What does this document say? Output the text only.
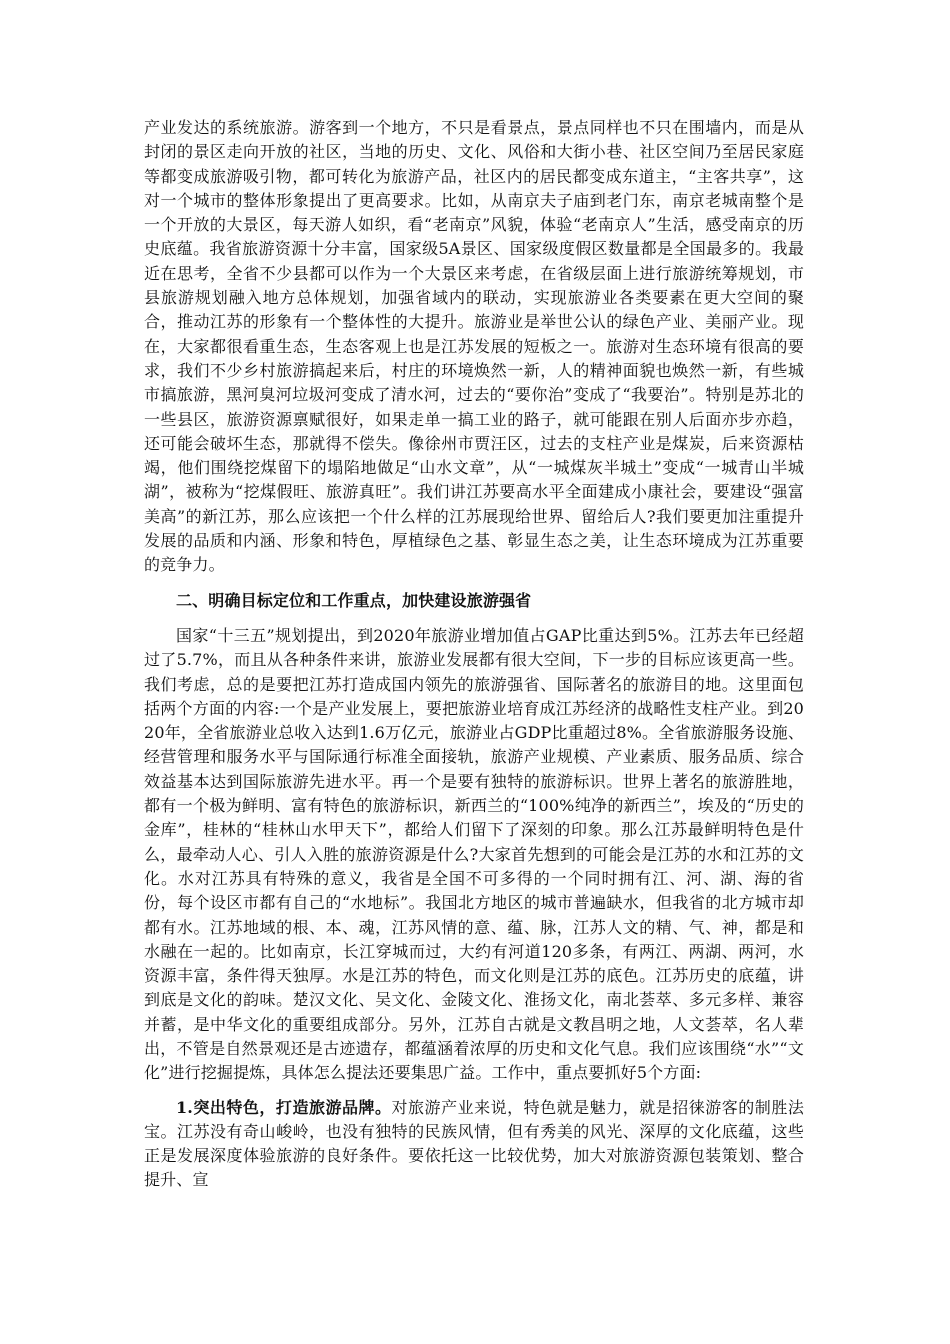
产业发达的系统旅游。游客到一个地方，不只是看景点，景点同样也不只在围墙内，而是从封闭的景区走向开放的社区，当地的历史、文化、风俗和大街小巷、社区空间乃至居民家庭等都变成旅游吸引物，都可转化为旅游产品，社区内的居民都变成东道主，“主客共享”，这对一个城市的整体形象提出了更高要求。比如，从南京夫子庙到老门东，南京老城南整个是一个开放的大景区，每天游人如织，看“老南京”风貌，体验“老南京人”生活，感受南京的历史底蕴。我省旅游资源十分丰富，国家级5A景区、国家级度假区数量都是全国最多的。我最近在思考，全省不少县都可以作为一个大景区来考虑，在省级层面上进行旅游统筹规划，市县旅游规划融入地方总体规划，加强省域内的联动，实现旅游业各类要素在更大空间的聚合，推动江苏的形象有一个整体性的大提升。旅游业是举世公认的绿色产业、美丽产业。现在，大家都很看重生态，生态客观上也是江苏发展的短板之一。旅游对生态环境有很高的要求，我们不少乡村旅游搞起来后，村庄的环境焕然一新，人的精神面貌也焕然一新，有些城市搞旅游，黑河臭河垃圾河变成了清水河，过去的“要你治”变成了“我要治”。特别是苏北的一些县区，旅游资源禀赋很好，如果走单一搞工业的路子，就可能跟在别人后面亦步亦趋，还可能会破坏生态，那就得不偿失。像徐州市贾汪区，过去的支柱产业是煤炭，后来资源枯竭，他们围绕挖煤留下的塌陷地做足“山水文章”，从“一城煤灰半城土”变成“一城青山半城湖”，被称为“挖煤假旺、旅游真旺”。我们讲江苏要高水平全面建成小康社会，要建设“强富美高”的新江苏，那么应该把一个什么样的江苏展现给世界、留给后人?我们要更加注重提升发展的品质和内涵、形象和特色，厚植绿色之基、彰显生态之美，让生态环境成为江苏重要的竞争力。

二、明确目标定位和工作重点，加快建设旅游强省

国家“十三五”规划提出，到2020年旅游业增加值占GAP比重达到5%。江苏去年已经超过了5.7%，而且从各种条件来讲，旅游业发展都有很大空间，下一步的目标应该更高一些。我们考虑，总的是要把江苏打造成国内领先的旅游强省、国际著名的旅游目的地。这里面包括两个方面的内容:一个是产业发展上，要把旅游业培育成江苏经济的战略性支柱产业。到2020年，全省旅游业总收入达到1.6万亿元，旅游业占GDP比重超过8%。全省旅游服务设施、经营管理和服务水平与国际通行标准全面接轨，旅游产业规模、产业素质、服务品质、综合效益基本达到国际旅游先进水平。再一个是要有独特的旅游标识。世界上著名的旅游胜地，都有一个极为鲜明、富有特色的旅游标识，新西兰的“100%纯净的新西兰”，埃及的“历史的金库”，桂林的“桂林山水甲天下”，都给人们留下了深刻的印象。那么江苏最鲜明特色是什么，最牵动人心、引人入胜的旅游资源是什么?大家首先想到的可能会是江苏的水和江苏的文化。水对江苏具有特殊的意义，我省是全国不可多得的一个同时拥有江、河、湖、海的省份，每个设区市都有自己的“水地标”。我国北方地区的城市普遍缺水，但我省的北方城市却都有水。江苏地域的根、本、魂，江苏风情的意、蕴、脉，江苏人文的精、气、神，都是和水融在一起的。比如南京，长江穿城而过，大约有河道120多条，有两江、两湖、两河，水资源丰富，条件得天独厚。水是江苏的特色，而文化则是江苏的底色。江苏历史的底蕴，讲到底是文化的韵味。楚汉文化、吴文化、金陵文化、淮扬文化，南北荟萃、多元多样、兼容并蓄，是中华文化的重要组成部分。另外，江苏自古就是文教昌明之地，人文荟萃，名人辈出，不管是自然景观还是古迹遗存，都蕴涵着浓厚的历史和文化气息。我们应该围绕“水”“文化”进行挖掘提炼，具体怎么提法还要集思广益。工作中，重点要抓好5个方面:

1.突出特色，打造旅游品牌。对旅游产业来说，特色就是魅力，就是招徕游客的制胜法宝。江苏没有奇山峻岭，也没有独特的民族风情，但有秀美的风光、深厚的文化底蕴，这些正是发展深度体验旅游的良好条件。要依托这一比较优势，加大对旅游资源包装策划、整合提升、宣
